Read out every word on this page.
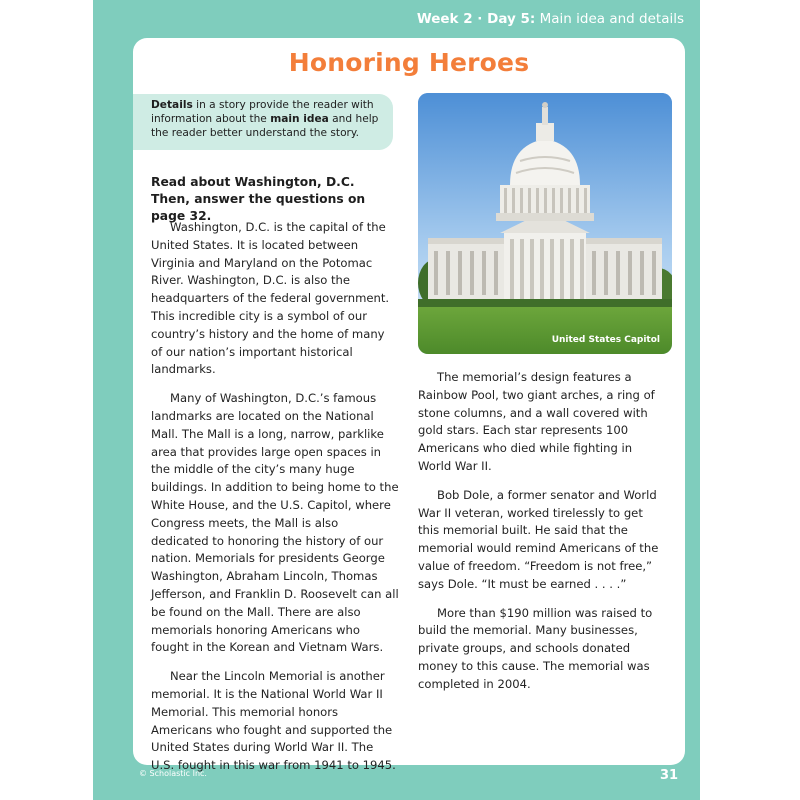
Week 2 · Day 5:
Main idea and details
Honoring Heroes
Details in a story provide the reader with information about the main idea and help the reader better understand the story.
Read about Washington, D.C.
Then, answer the questions on page 32.

Washington, D.C. is the capital of the United States. It is located between Virginia and Maryland on the Potomac River. Washington, D.C. is also the headquarters of the federal government. This incredible city is a symbol of our country’s history and the home of many of our nation’s important historical landmarks.

Many of Washington, D.C.’s famous landmarks are located on the National Mall. The Mall is a long, narrow, parklike area that provides large open spaces in the middle of the city’s many huge buildings. In addition to being home to the White House, and the U.S. Capitol, where Congress meets, the Mall is also dedicated to honoring the history of our nation. Memorials for presidents George Washington, Abraham Lincoln, Thomas Jefferson, and Franklin D. Roosevelt can all be found on the Mall. There are also memorials honoring Americans who fought in the Korean and Vietnam Wars.

Near the Lincoln Memorial is another memorial. It is the National World War II Memorial. This memorial honors Americans who fought and supported the United States during World War II. The U.S. fought in this war from 1941 to 1945.

United States Capitol

The memorial’s design features a Rainbow Pool, two giant arches, a ring of stone columns, and a wall covered with gold stars. Each star represents 100 Americans who died while fighting in World War II.

Bob Dole, a former senator and World War II veteran, worked tirelessly to get this memorial built. He said that the memorial would remind Americans of the value of freedom. “Freedom is not free,” says Dole. “It must be earned . . . .”

More than $190 million was raised to build the memorial. Many businesses, private groups, and schools donated money to this cause. The memorial was completed in 2004.

© Scholastic Inc.	31
